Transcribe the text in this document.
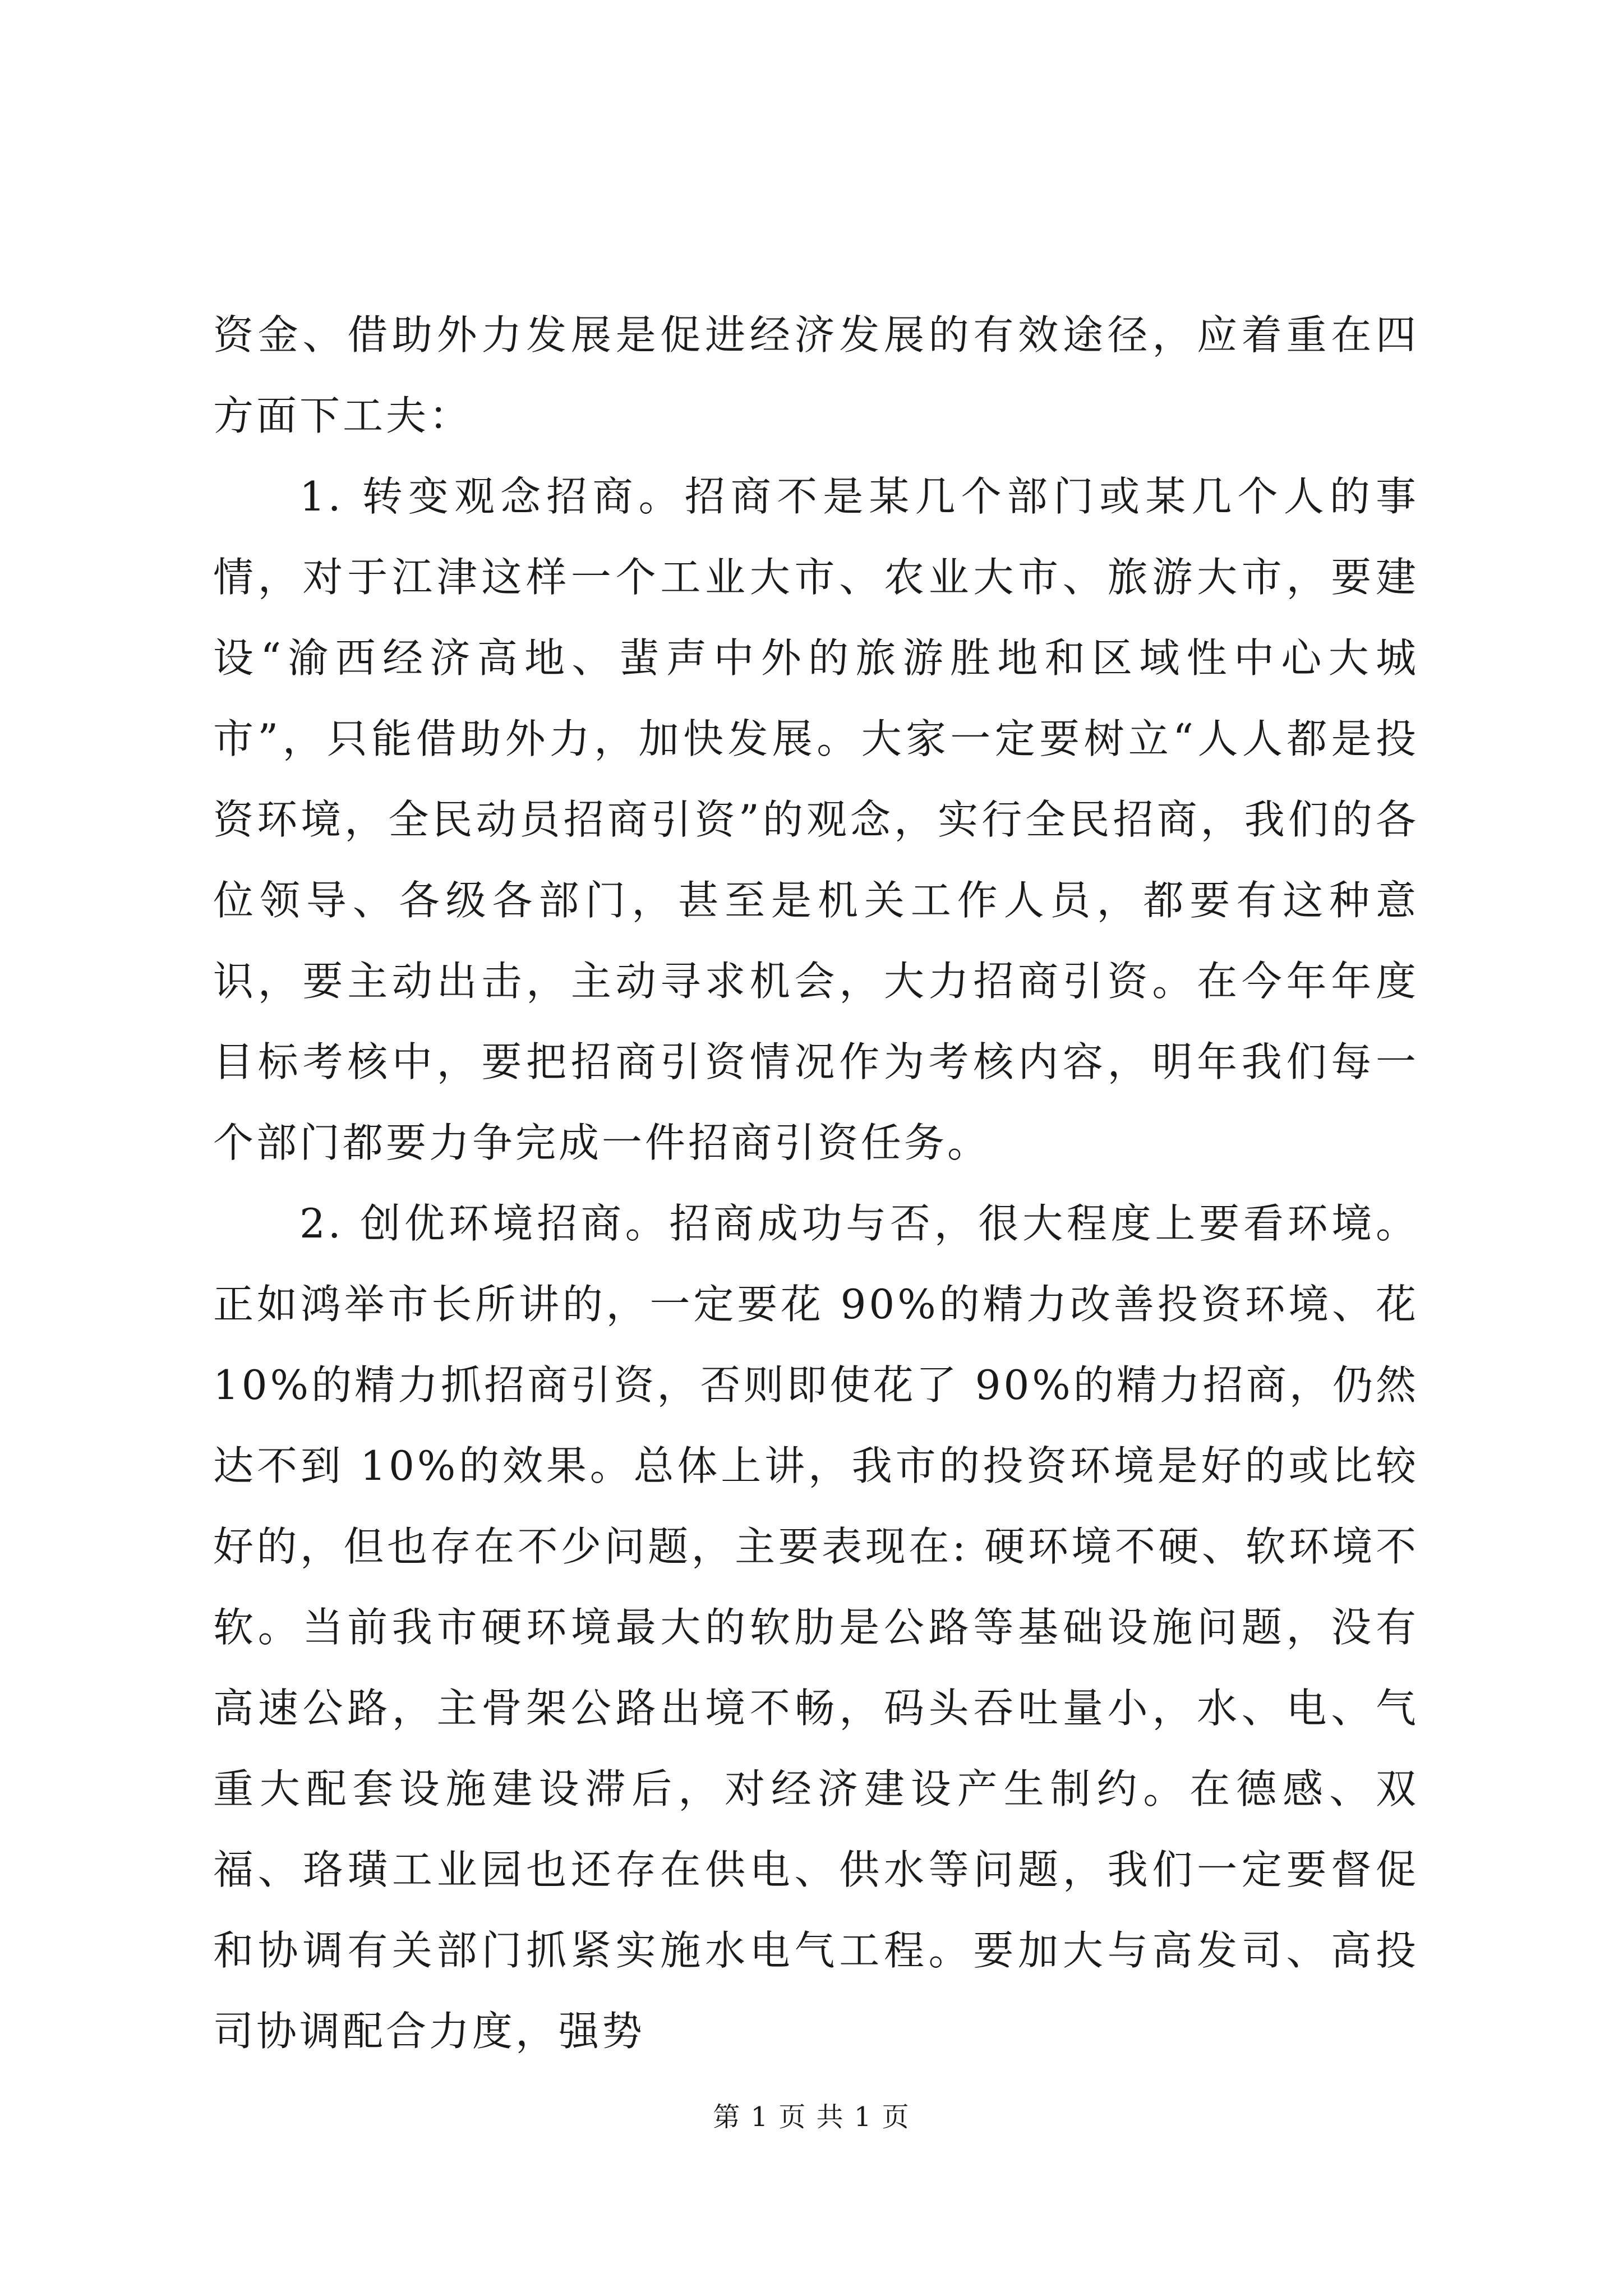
资金、借助外力发展是促进经济发展的有效途径，应着重在四方面下工夫：

1. 转变观念招商。招商不是某几个部门或某几个人的事情，对于江津这样一个工业大市、农业大市、旅游大市，要建设“渝西经济高地、蜚声中外的旅游胜地和区域性中心大城市”，只能借助外力，加快发展。大家一定要树立“人人都是投资环境，全民动员招商引资”的观念，实行全民招商，我们的各位领导、各级各部门，甚至是机关工作人员，都要有这种意识，要主动出击，主动寻求机会，大力招商引资。在今年年度目标考核中，要把招商引资情况作为考核内容，明年我们每一个部门都要力争完成一件招商引资任务。

2. 创优环境招商。招商成功与否，很大程度上要看环境。正如鸿举市长所讲的，一定要花 90%的精力改善投资环境、花 10%的精力抓招商引资，否则即使花了 90%的精力招商，仍然达不到 10%的效果。总体上讲，我市的投资环境是好的或比较好的，但也存在不少问题，主要表现在: 硬环境不硬、软环境不软。当前我市硬环境最大的软肋是公路等基础设施问题，没有高速公路，主骨架公路出境不畅，码头吞吐量小，水、电、气重大配套设施建设滞后，对经济建设产生制约。在德感、双福、珞璜工业园也还存在供电、供水等问题，我们一定要督促和协调有关部门抓紧实施水电气工程。要加大与高发司、高投司协调配合力度，强势

第 1 页 共 1 页
